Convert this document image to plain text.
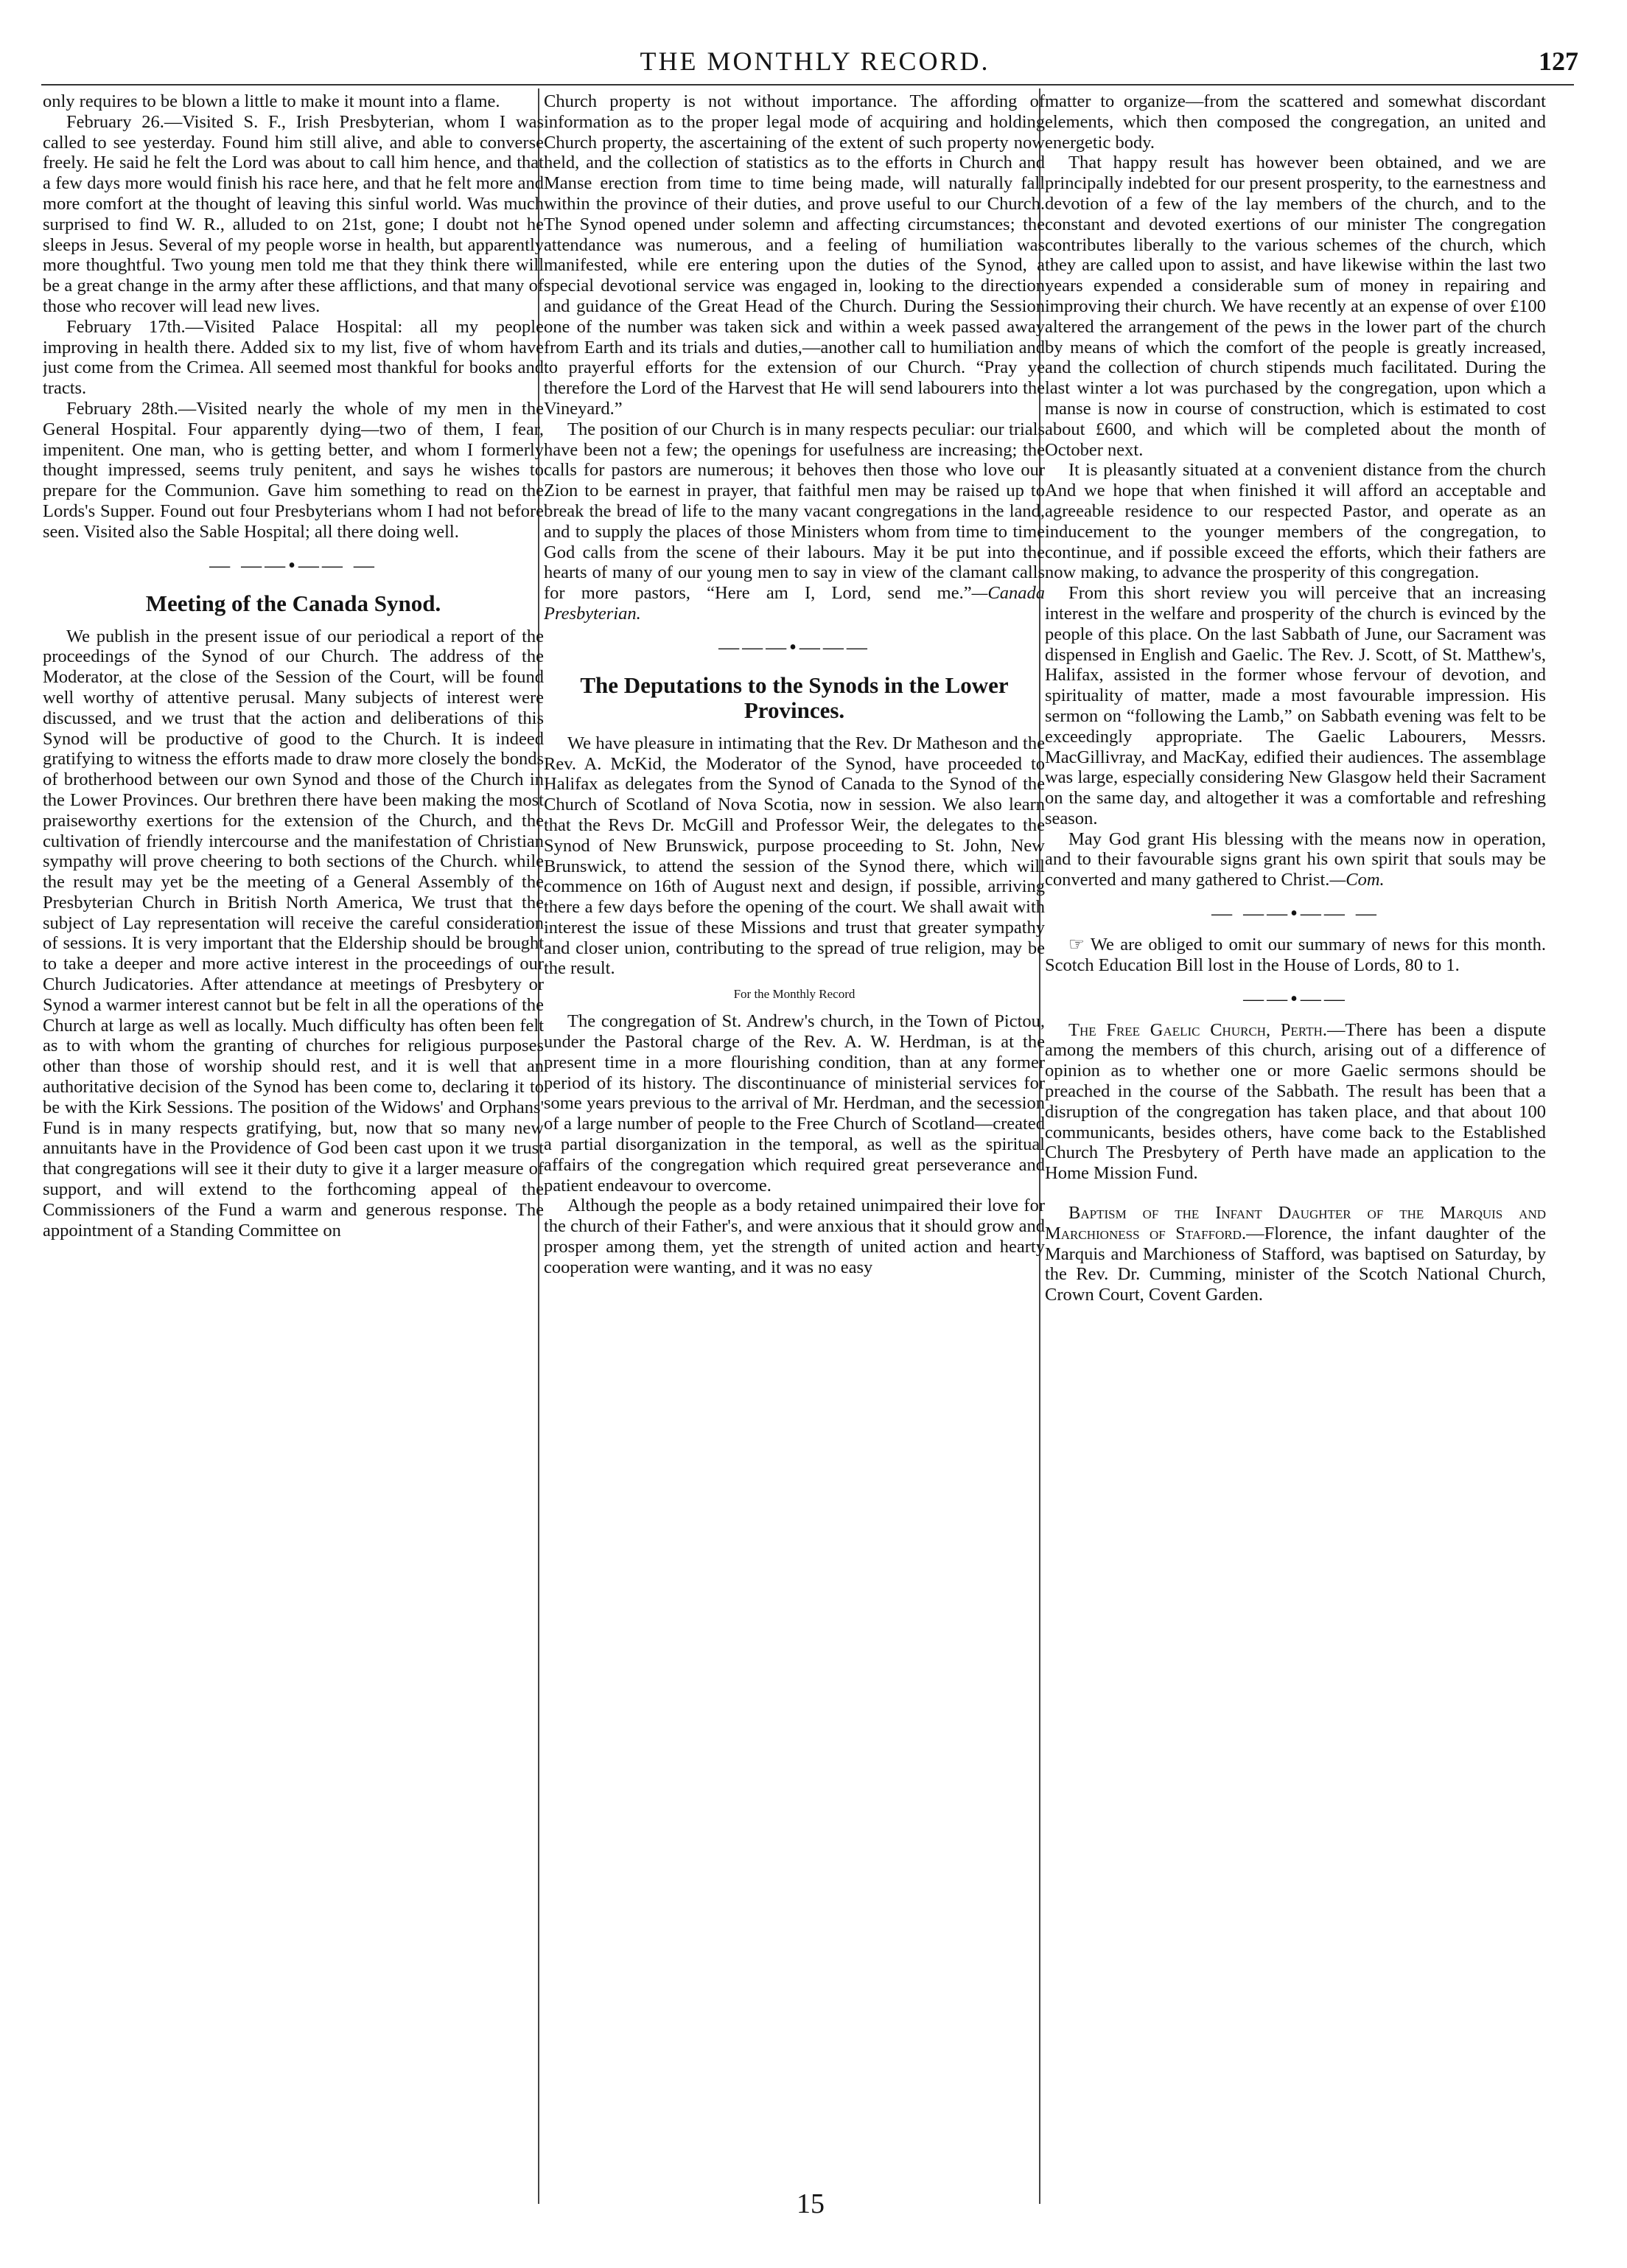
THE MONTHLY RECORD.	127

only requires to be blown a little to make it mount into a flame.

February 26.—Visited S. F., Irish Presbyterian, whom I was called to see yesterday. Found him still alive, and able to converse freely. He said he felt the Lord was about to call him hence, and that a few days more would finish his race here, and that he felt more and more comfort at the thought of leaving this sinful world. Was much surprised to find W. R., alluded to on 21st, gone; I doubt not he sleeps in Jesus. Several of my people worse in health, but apparently more thoughtful. Two young men told me that they think there will be a great change in the army after these afflictions, and that many of those who recover will lead new lives.

February 17th.—Visited Palace Hospital: all my people improving in health there. Added six to my list, five of whom have just come from the Crimea. All seemed most thankful for books and tracts.

February 28th.—Visited nearly the whole of my men in the General Hospital. Four apparently dying—two of them, I fear, impenitent. One man, who is getting better, and whom I formerly thought impressed, seems truly penitent, and says he wishes to prepare for the Communion. Gave him something to read on the Lords's Supper. Found out four Presbyterians whom I had not before seen. Visited also the Sable Hospital; all there doing well.

— ——•—— —
Meeting of the Canada Synod.

We publish in the present issue of our periodical a report of the proceedings of the Synod of our Church. The address of the Moderator, at the close of the Session of the Court, will be found well worthy of attentive perusal. Many subjects of interest were discussed, and we trust that the action and deliberations of this Synod will be productive of good to the Church. It is indeed gratifying to witness the efforts made to draw more closely the bonds of brotherhood between our own Synod and those of the Church in the Lower Provinces. Our brethren there have been making the most praiseworthy exertions for the extension of the Church, and the cultivation of friendly intercourse and the manifestation of Christian sympathy will prove cheering to both sections of the Church. while the result may yet be the meeting of a General Assembly of the Presbyterian Church in British North America, We trust that the subject of Lay representation will receive the careful consideration of sessions. It is very important that the Eldership should be brought to take a deeper and more active interest in the proceedings of our Church Judicatories. After attendance at meetings of Presbytery or Synod a warmer interest cannot but be felt in all the operations of the Church at large as well as locally. Much difficulty has often been felt as to with whom the granting of churches for religious purposes other than those of worship should rest, and it is well that an authoritative decision of the Synod has been come to, declaring it to be with the Kirk Sessions. The position of the Widows' and Orphans' Fund is in many respects gratifying, but, now that so many new annuitants have in the Providence of God been cast upon it we trust that congregations will see it their duty to give it a larger measure of support, and will extend to the forthcoming appeal of the Commissioners of the Fund a warm and generous response. The appointment of a Standing Committee on

Church property is not without importance. The affording of information as to the proper legal mode of acquiring and holding Church property, the ascertaining of the extent of such property now held, and the collection of statistics as to the efforts in Church and Manse erection from time to time being made, will naturally fall within the province of their duties, and prove useful to our Church. The Synod opened under solemn and affecting circumstances; the attendance was numerous, and a feeling of humiliation was manifested, while ere entering upon the duties of the Synod, a special devotional service was engaged in, looking to the direction and guidance of the Great Head of the Church. During the Session one of the number was taken sick and within a week passed away from Earth and its trials and duties,—another call to humiliation and to prayerful efforts for the extension of our Church. “Pray ye therefore the Lord of the Harvest that He will send labourers into the Vineyard.”

The position of our Church is in many respects peculiar: our trials have been not a few; the openings for usefulness are increasing; the calls for pastors are numerous; it behoves then those who love our Zion to be earnest in prayer, that faithful men may be raised up to break the bread of life to the many vacant congregations in the land, and to supply the places of those Ministers whom from time to time God calls from the scene of their labours. May it be put into the hearts of many of our young men to say in view of the clamant calls for more pastors, “Here am I, Lord, send me.”—Canada Presbyterian.

———•———
The Deputations to the Synods in the Lower Provinces.

We have pleasure in intimating that the Rev. Dr Matheson and the Rev. A. McKid, the Moderator of the Synod, have proceeded to Halifax as delegates from the Synod of Canada to the Synod of the Church of Scotland of Nova Scotia, now in session. We also learn that the Revs Dr. McGill and Professor Weir, the delegates to the Synod of New Brunswick, purpose proceeding to St. John, New Brunswick, to attend the session of the Synod there, which will commence on 16th of August next and design, if possible, arriving there a few days before the opening of the court. We shall await with interest the issue of these Missions and trust that greater sympathy and closer union, contributing to the spread of true religion, may be the result.

For the Monthly Record

The congregation of St. Andrew's church, in the Town of Pictou, under the Pastoral charge of the Rev. A. W. Herdman, is at the present time in a more flourishing condition, than at any former period of its history. The discontinuance of ministerial services for some years previous to the arrival of Mr. Herdman, and the secession of a large number of people to the Free Church of Scotland—created a partial disorganization in the temporal, as well as the spiritual affairs of the congregation which required great perseverance and patient endeavour to overcome.

Although the people as a body retained unimpaired their love for the church of their Father's, and were anxious that it should grow and prosper among them, yet the strength of united action and hearty cooperation were wanting, and it was no easy

matter to organize—from the scattered and somewhat discordant elements, which then composed the congregation, an united and energetic body.

That happy result has however been obtained, and we are principally indebted for our present prosperity, to the earnestness and devotion of a few of the lay members of the church, and to the constant and devoted exertions of our minister The congregation contributes liberally to the various schemes of the church, which they are called upon to assist, and have likewise within the last two years expended a considerable sum of money in repairing and improving their church. We have recently at an expense of over £100 altered the arrangement of the pews in the lower part of the church by means of which the comfort of the people is greatly increased, and the collection of church stipends much facilitated. During the last winter a lot was purchased by the congregation, upon which a manse is now in course of construction, which is estimated to cost about £600, and which will be completed about the month of October next.

It is pleasantly situated at a convenient distance from the church And we hope that when finished it will afford an acceptable and agreeable residence to our respected Pastor, and operate as an inducement to the younger members of the congregation, to continue, and if possible exceed the efforts, which their fathers are now making, to advance the prosperity of this congregation.

From this short review you will perceive that an increasing interest in the welfare and prosperity of the church is evinced by the people of this place. On the last Sabbath of June, our Sacrament was dispensed in English and Gaelic. The Rev. J. Scott, of St. Matthew's, Halifax, assisted in the former whose fervour of devotion, and spirituality of matter, made a most favourable impression. His sermon on “following the Lamb,” on Sabbath evening was felt to be exceedingly appropriate. The Gaelic Labourers, Messrs. MacGillivray, and MacKay, edified their audiences. The assemblage was large, especially considering New Glasgow held their Sacrament on the same day, and altogether it was a comfortable and refreshing season.

May God grant His blessing with the means now in operation, and to their favourable signs grant his own spirit that souls may be converted and many gathered to Christ.—Com.

— ——•—— —

☞ We are obliged to omit our summary of news for this month. Scotch Education Bill lost in the House of Lords, 80 to 1.

——•——

The Free Gaelic Church, Perth.—There has been a dispute among the members of this church, arising out of a difference of opinion as to whether one or more Gaelic sermons should be preached in the course of the Sabbath. The result has been that a disruption of the congregation has taken place, and that about 100 communicants, besides others, have come back to the Established Church The Presbytery of Perth have made an application to the Home Mission Fund.

Baptism of the Infant Daughter of the Marquis and Marchioness of Stafford.—Florence, the infant daughter of the Marquis and Marchioness of Stafford, was baptised on Saturday, by the Rev. Dr. Cumming, minister of the Scotch National Church, Crown Court, Covent Garden.

15
